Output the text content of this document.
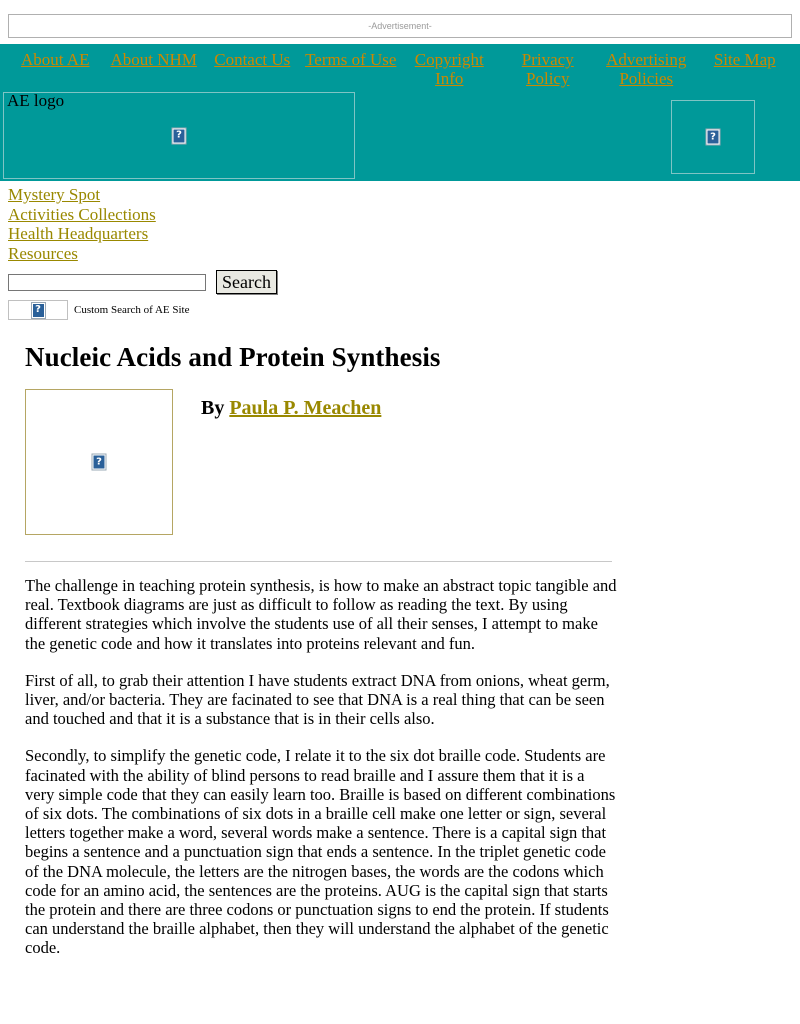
-Advertisement-
About AE About NHM Contact Us Terms of Use	Copyright Info
Privacy Policy
Advertising Policies
Site Map
AE logo
?	?
Mystery Spot
Activities Collections
Health Headquarters
Resources
Search
?	Custom Search of AE Site
Nucleic Acids and Protein Synthesis
?
By Paula P. Meachen

The challenge in teaching protein synthesis, is how to make an abstract topic tangible and real. Textbook diagrams are just as difficult to follow as reading the text. By using different strategies which involve the students use of all their senses, I attempt to make the genetic code and how it translates into proteins relevant and fun.

First of all, to grab their attention I have students extract DNA from onions, wheat germ, liver, and/or bacteria. They are facinated to see that DNA is a real thing that can be seen and touched and that it is a substance that is in their cells also.

Secondly, to simplify the genetic code, I relate it to the six dot braille code. Students are facinated with the ability of blind persons to read braille and I assure them that it is a very simple code that they can easily learn too. Braille is based on different combinations of six dots. The combinations of six dots in a braille cell make one letter or sign, several letters together make a word, several words make a sentence. There is a capital sign that begins a sentence and a punctuation sign that ends a sentence. In the triplet genetic code of the DNA molecule, the letters are the nitrogen bases, the words are the codons which code for an amino acid, the sentences are the proteins. AUG is the capital sign that starts the protein and there are three codons or punctuation signs to end the protein. If students can understand the braille alphabet, then they will understand the alphabet of the genetic code.
